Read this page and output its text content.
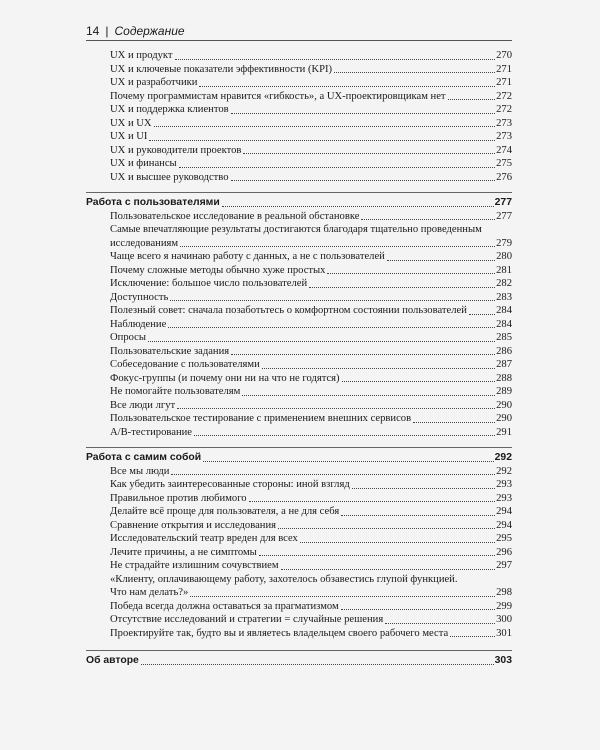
14 | Содержание
UX и продукт	270
UX и ключевые показатели эффективности (KPI)	271
UX и разработчики	271
Почему программистам нравится «гибкость», а UX-проектировщикам нет	272
UX и поддержка клиентов	272
UX и UX	273
UX и UI	273
UX и руководители проектов	274
UX и финансы	275
UX и высшее руководство	276
Работа с пользователями	277
Пользовательское исследование в реальной обстановке	277
Самые впечатляющие результаты достигаются благодаря тщательно проведенным
исследованиям	279
Чаще всего я начинаю работу с данных, а не с пользователей	280
Почему сложные методы обычно хуже простых	281
Исключение: большое число пользователей	282
Доступность	283
Полезный совет: сначала позаботьтесь о комфортном состоянии пользователей	284
Наблюдение	284
Опросы	285
Пользовательские задания	286
Собеседование с пользователями	287
Фокус-группы (и почему они ни на что не годятся)	288
Не помогайте пользователям	289
Все люди лгут	290
Пользовательское тестирование с применением внешних сервисов	290
A/B-тестирование	291
Работа с самим собой	292
Все мы люди	292
Как убедить заинтересованные стороны: иной взгляд	293
Правильное против любимого	293
Делайте всё проще для пользователя, а не для себя	294
Сравнение открытия и исследования	294
Исследовательский театр вреден для всех	295
Лечите причины, а не симптомы	296
Не страдайте излишним сочувствием	297
«Клиенту, оплачивающему работу, захотелось обзавестись глупой функцией.
Что нам делать?»	298
Победа всегда должна оставаться за прагматизмом	299
Отсутствие исследований и стратегии = случайные решения	300
Проектируйте так, будто вы и являетесь владельцем своего рабочего места	301
Об авторе	303
